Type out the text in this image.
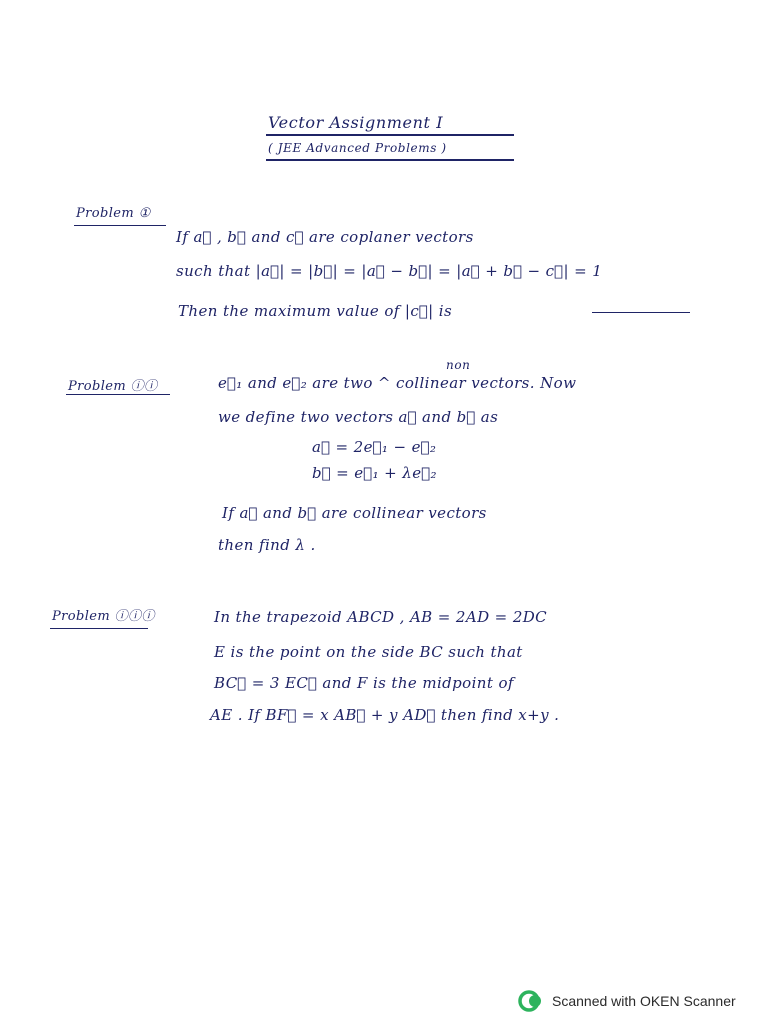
Vector Assignment I
( JEE Advanced Problems )
Problem ①
If a⃗ , b⃗ and c⃗ are coplaner vectors
such that |a⃗| = |b⃗| = |a⃗ − b⃗| = |a⃗ + b⃗ − c⃗| = 1
Then the maximum value of |c⃗| is
Problem ⓘⓘ
non
e⃗₁ and e⃗₂ are two ^ collinear vectors. Now
we define two vectors a⃗ and b⃗ as
a⃗ = 2e⃗₁ − e⃗₂
b⃗ = e⃗₁ + λe⃗₂
If a⃗ and b⃗ are collinear vectors
then find λ .
Problem ⓘⓘⓘ	In the trapezoid ABCD , AB = 2AD = 2DC
E is the point on the side BC such that
BC⃗ = 3 EC⃗ and F is the midpoint of
AE . If BF⃗ = x AB⃗ + y AD⃗ then find x+y .
Scanned with OKEN Scanner
